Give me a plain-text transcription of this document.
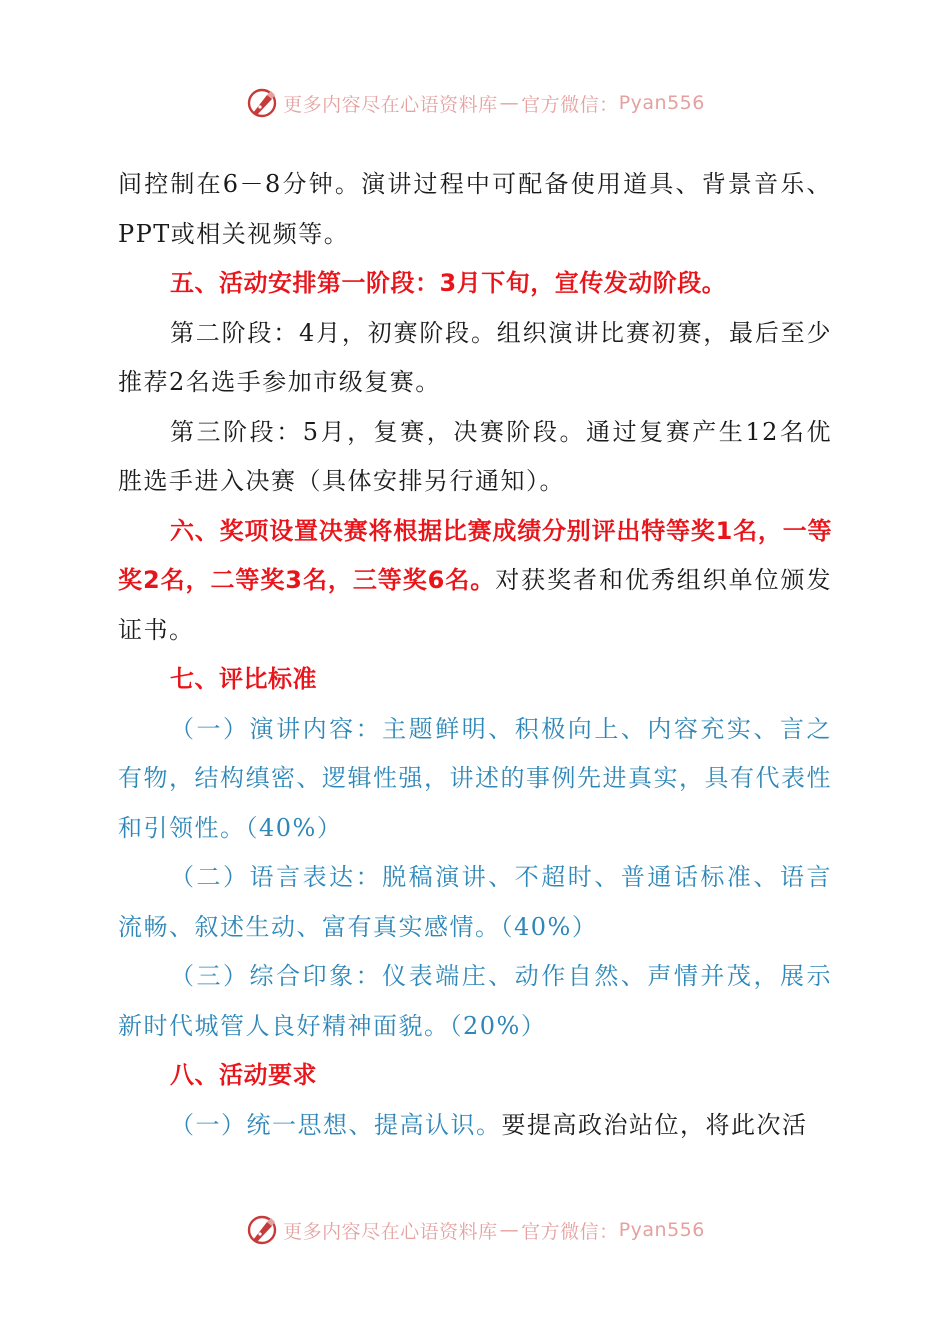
更多内容尽在心语资料库 — 官方微信： Pyan556

间控制在6－8分钟。演讲过程中可配备使用道具、背景音乐、PPT或相关视频等。

五、活动安排第一阶段：3月下旬，宣传发动阶段。

第二阶段：4月，初赛阶段。组织演讲比赛初赛，最后至少推荐2名选手参加市级复赛。

第三阶段：5月，复赛，决赛阶段。通过复赛产生12名优胜选手进入决赛（具体安排另行通知）。

六、奖项设置决赛将根据比赛成绩分别评出特等奖1名，一等奖2名，二等奖3名，三等奖6名。对获奖者和优秀组织单位颁发证书。

七、评比标准

（一）演讲内容：主题鲜明、积极向上、内容充实、言之有物，结构缜密、逻辑性强，讲述的事例先进真实，具有代表性和引领性。（40%）

（二）语言表达：脱稿演讲、不超时、普通话标准、语言流畅、叙述生动、富有真实感情。（40%）

（三）综合印象：仪表端庄、动作自然、声情并茂，展示新时代城管人良好精神面貌。（20%）

八、活动要求

（一）统一思想、提高认识。要提高政治站位，将此次活

更多内容尽在心语资料库 — 官方微信： Pyan556
